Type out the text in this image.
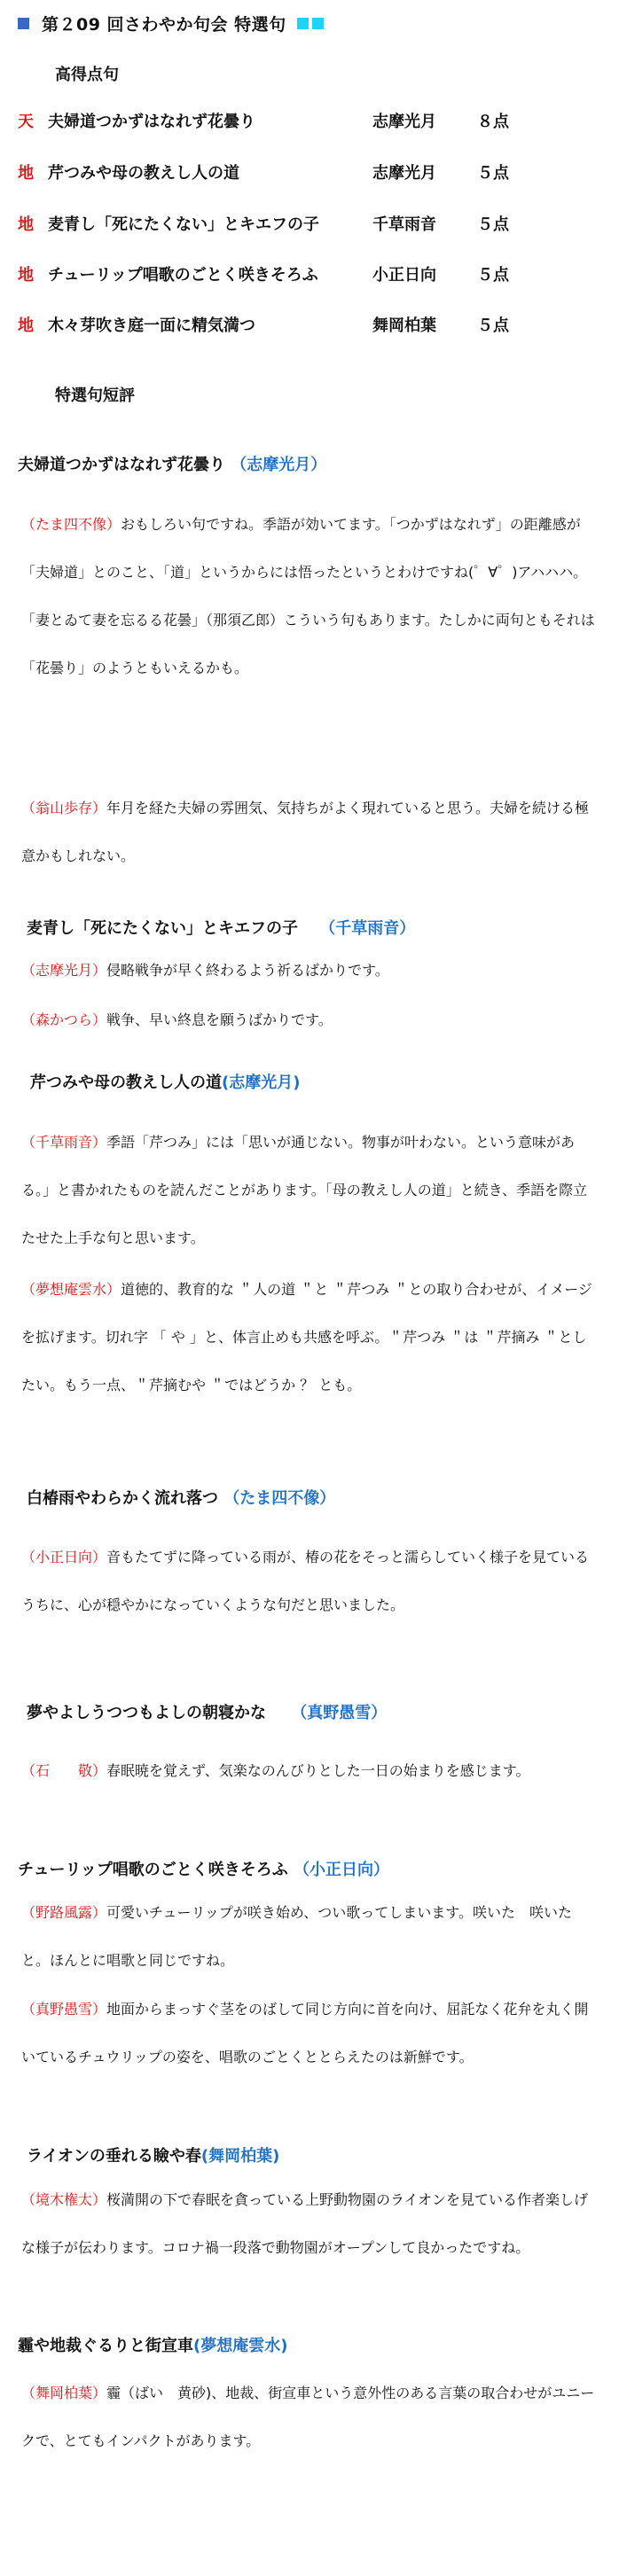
第２09 回さわやか句会 特選句
高得点句
天 夫婦道つかずはなれず花曇り	志摩光月	８点
地 芹つみや母の教えし人の道	志摩光月	５点
地 麦青し「死にたくない」とキエフの子	千草雨音	５点
地 チューリップ唱歌のごとく咲きそろふ	小正日向	５点
地 木々芽吹き庭一面に精気満つ	舞岡柏葉	５点
特選句短評
夫婦道つかずはなれず花曇り （志摩光月）
（たま四不像）おもしろい句ですね。季語が効いてます。「つかずはなれず」の距離感が「夫婦道」とのこと、「道」というからには悟ったというとわけですね(゜∀゜)アハハハ。「妻とゐて妻を忘るる花曇」（那須乙郎）こういう句もあります。たしかに両句ともそれは「花曇り」のようともいえるかも。
（翁山歩存）年月を経た夫婦の雰囲気、気持ちがよく現れていると思う。夫婦を続ける極意かもしれない。
麦青し「死にたくない」とキエフの子 （千草雨音）
（志摩光月）侵略戦争が早く終わるよう祈るばかりです。
（森かつら）戦争、早い終息を願うばかりです。
芹つみや母の教えし人の道(志摩光月)
（千草雨音）季語「芹つみ」には「思いが通じない。物事が叶わない。という意味がある。」と書かれたものを読んだことがあります。「母の教えし人の道」と続き、季語を際立たせた上手な句と思います。
（夢想庵雲水）道徳的、教育的な ＂人の道 ＂と ＂芹つみ ＂との取り合わせが、イメージを拡げます。切れ字 「 や 」と、体言止めも共感を呼ぶ。＂芹つみ ＂は ＂芹摘み ＂としたい。もう一点、＂芹摘むや ＂ではどうか ？ とも。
白椿雨やわらかく流れ落つ （たま四不像）
（小正日向）音もたてずに降っている雨が、椿の花をそっと濡らしていく様子を見ているうちに、心が穏やかになっていくような句だと思いました。
夢やよしうつつもよしの朝寝かな （真野愚雪）
（石　　敬）春眠暁を覚えず、気楽なのんびりとした一日の始まりを感じます。
チューリップ唱歌のごとく咲きそろふ （小正日向）
（野路風露）可愛いチューリップが咲き始め、つい歌ってしまいます。咲いた　咲いたと。ほんとに唱歌と同じですね。
（真野愚雪）地面からまっすぐ茎をのばして同じ方向に首を向け、屈託なく花弁を丸く開いているチュウリップの姿を、唱歌のごとくととらえたのは新鮮です。
ライオンの垂れる瞼や春(舞岡柏葉)
（境木権太）桜満開の下で春眠を貪っている上野動物園のライオンを見ている作者楽しげな様子が伝わります。コロナ禍一段落で動物園がオープンして良かったですね。
霾や地裁ぐるりと街宣車(夢想庵雲水)
（舞岡柏葉）霾（ばい　黄砂)、地裁、街宣車という意外性のある言葉の取合わせがユニークで、とてもインパクトがあります。
